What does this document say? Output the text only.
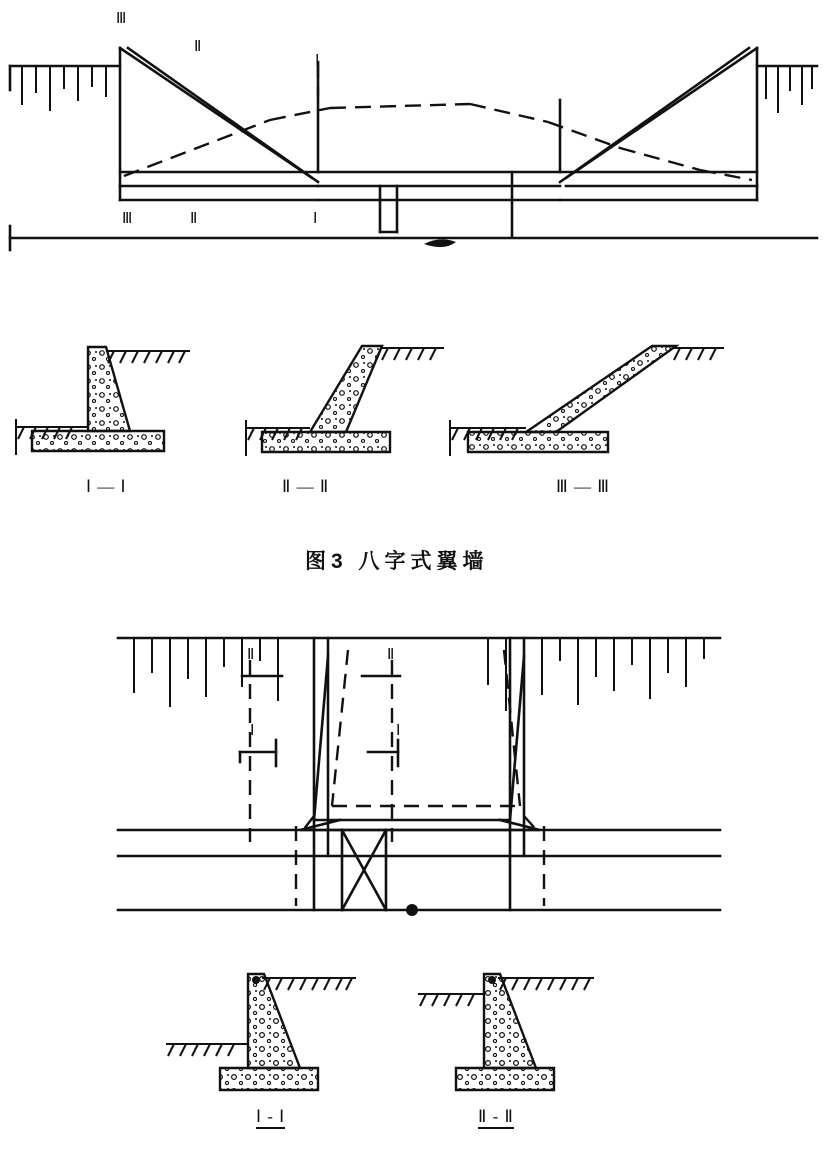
Ⅲ
Ⅱ
Ⅰ
Ⅲ	Ⅱ	Ⅰ
Ⅰ — Ⅰ	Ⅱ — Ⅱ	Ⅲ — Ⅲ
图3 八字式翼墙
Ⅱ	Ⅱ
Ⅰ	Ⅰ
Ⅰ - Ⅰ	Ⅱ - Ⅱ
